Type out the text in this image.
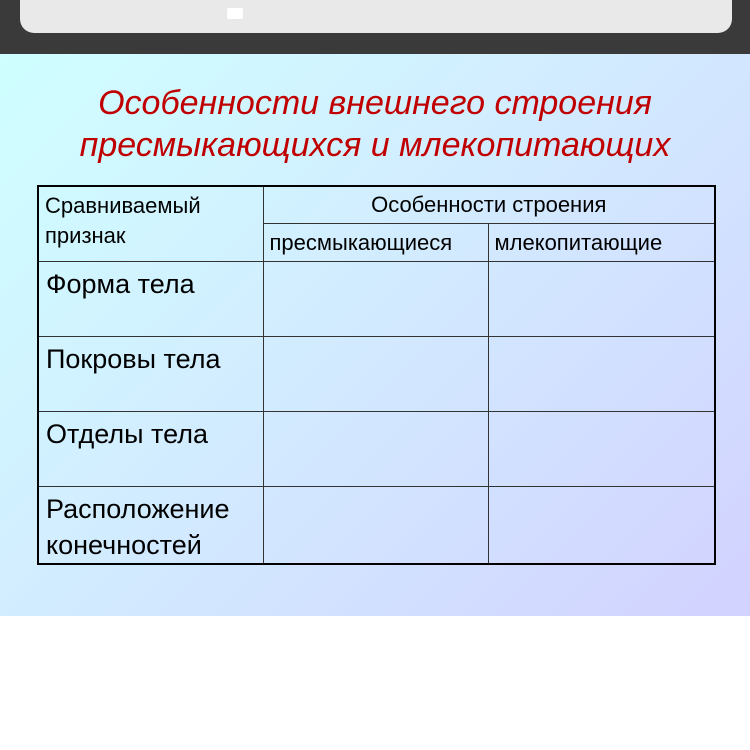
Особенности внешнего строения
пресмыкающихся и млекопитающих
Сравниваемый
признак	Особенности строения	
	пресмыкающиеся	млекопитающие

Форма тела		

Покровы тела		

Отделы тела		

Расположение
конечностей		
